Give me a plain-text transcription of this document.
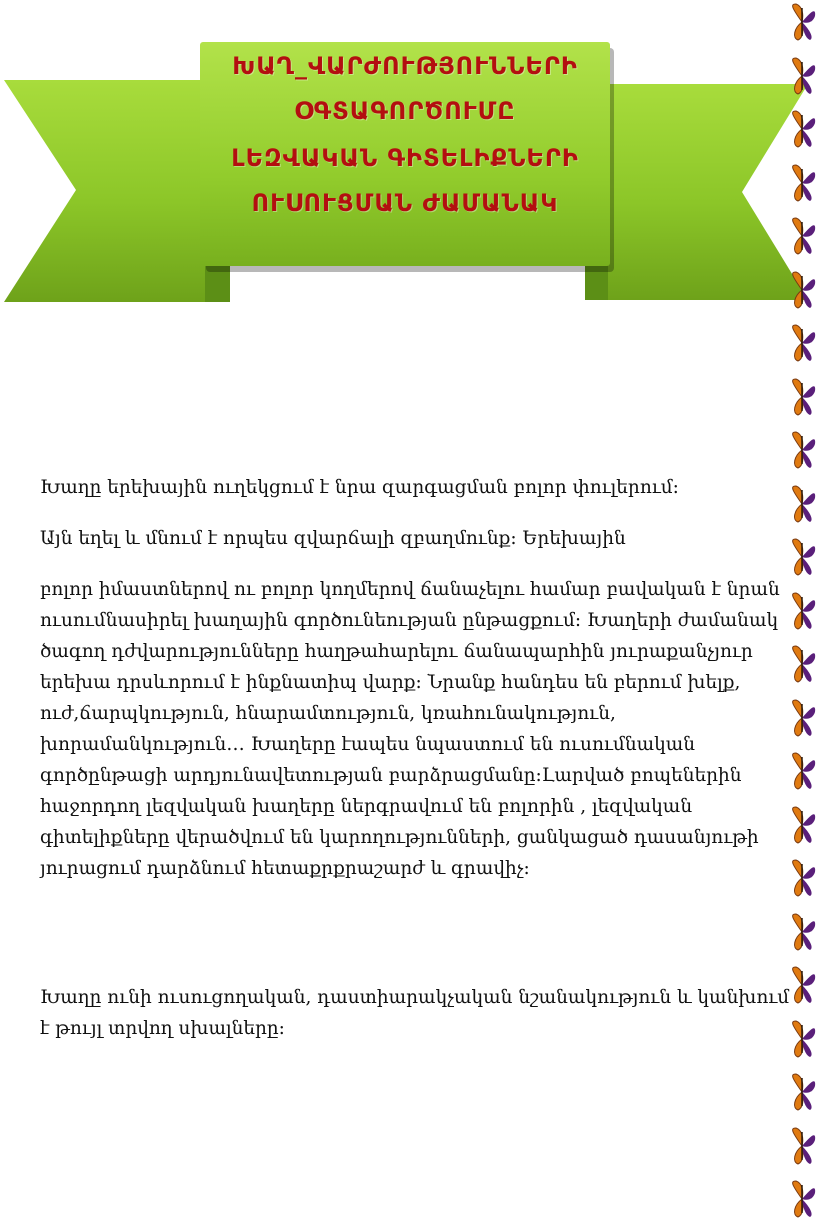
ԽԱՂ_ՎԱՐԺՈՒԹՅՈՒՆՆԵՐԻ
ՕԳՏԱԳՈՐԾՈՒՄԸ
ԼԵԶՎԱԿԱՆ ԳԻՏԵԼԻՔՆԵՐԻ
ՈՒՍՈՒՑՄԱՆ ԺԱՄԱՆԱԿ

Խաղը երեխային ուղեկցում է նրա զարգացման բոլոր փուլերում:

Այն եղել և մնում է որպես զվարճալի զբաղմունք: Երեխային

բոլոր իմաստներով ու բոլոր կողմերով ճանաչելու համար բավական է նրան ուսումնասիրել խաղային գործունեության ընթացքում: Խաղերի ժամանակ ծագող դժվարությունները հաղթահարելու ճանապարհին յուրաքանչյուր երեխա դրսևորում է ինքնատիպ վարք: Նրանք հանդես են բերում խելք, ուժ,ճարպկություն, հնարամտություն, կռահունակություն, խորամանկություն… Խաղերը էապես նպաստում են ուսումնական գործընթացի արդյունավետության բարձրացմանը:Լարված բոպեներին հաջորդող լեզվական խաղերը ներգրավում են բոլորին , լեզվական գիտելիքները վերածվում են կարողությունների, ցանկացած դասանյութի յուրացում դարձնում հետաքրքրաշարժ և գրավիչ:

Խաղը ունի ուսուցողական, դաստիարակչական նշանակություն և կանխում է թույլ տրվող սխալները:
